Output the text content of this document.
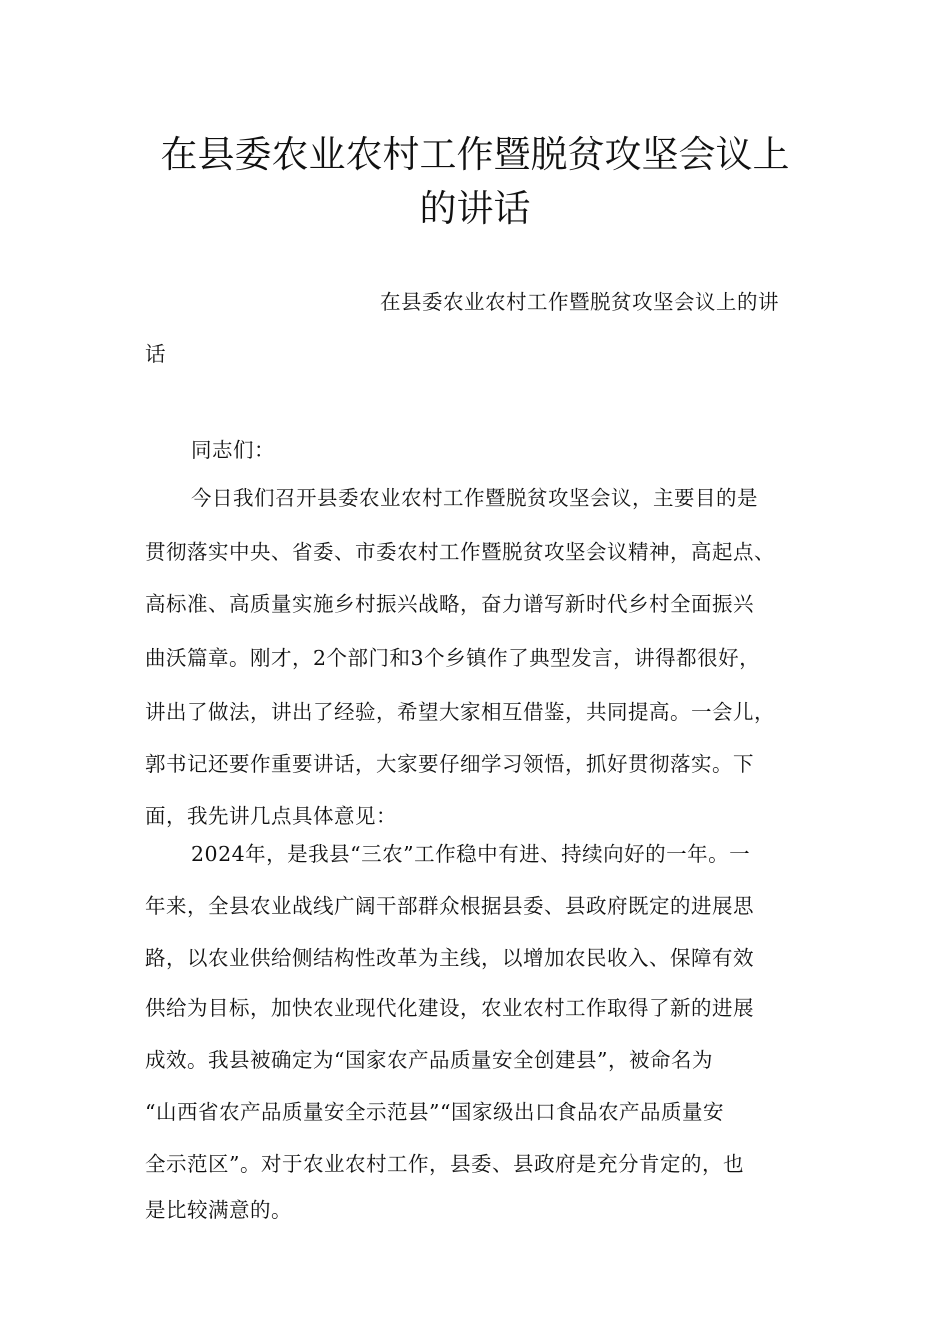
在县委农业农村工作暨脱贫攻坚会议上
的讲话
在县委农业农村工作暨脱贫攻坚会议上的讲
话
同志们：
今日我们召开县委农业农村工作暨脱贫攻坚会议，主要目的是
贯彻落实中央、省委、市委农村工作暨脱贫攻坚会议精神，高起点、
高标准、高质量实施乡村振兴战略，奋力谱写新时代乡村全面振兴
曲沃篇章。刚才，2个部门和3个乡镇作了典型发言，讲得都很好，
讲出了做法，讲出了经验，希望大家相互借鉴，共同提高。一会儿，
郭书记还要作重要讲话，大家要仔细学习领悟，抓好贯彻落实。下
面，我先讲几点具体意见：
2024年，是我县“三农”工作稳中有进、持续向好的一年。一
年来，全县农业战线广阔干部群众根据县委、县政府既定的进展思
路，以农业供给侧结构性改革为主线，以增加农民收入、保障有效
供给为目标，加快农业现代化建设，农业农村工作取得了新的进展
成效。我县被确定为“国家农产品质量安全创建县”，被命名为
“山西省农产品质量安全示范县”“国家级出口食品农产品质量安
全示范区”。对于农业农村工作，县委、县政府是充分肯定的，也
是比较满意的。
